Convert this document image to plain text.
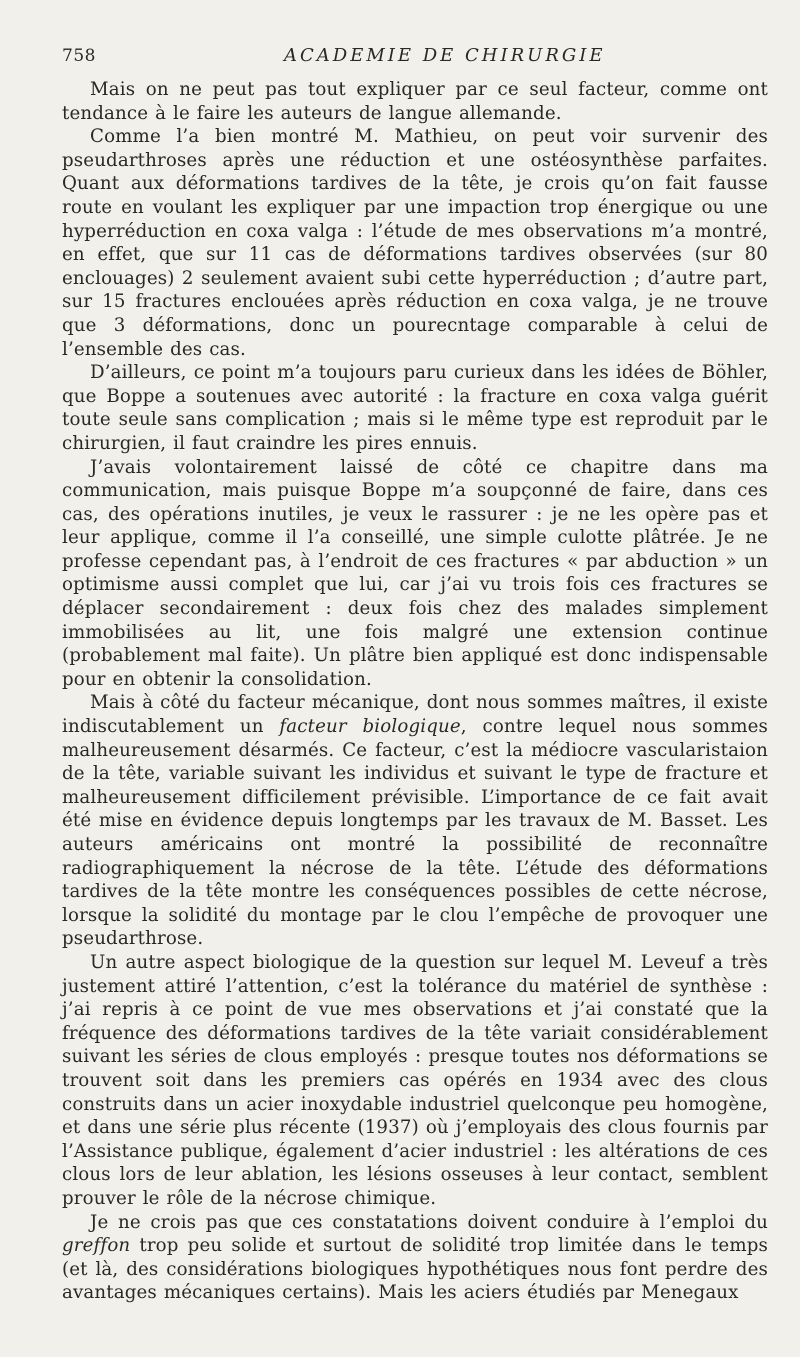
758	ACADEMIE DE CHIRURGIE

Mais on ne peut pas tout expliquer par ce seul facteur, comme ont tendance à le faire les auteurs de langue allemande.

Comme l’a bien montré M. Mathieu, on peut voir survenir des pseudarthroses après une réduction et une ostéosynthèse parfaites. Quant aux déformations tardives de la tête, je crois qu’on fait fausse route en voulant les expliquer par une impaction trop énergique ou une hyperréduction en coxa valga : l’étude de mes observations m’a montré, en effet, que sur 11 cas de déformations tardives observées (sur 80 enclouages) 2 seulement avaient subi cette hyperréduction ; d’autre part, sur 15 fractures enclouées après réduction en coxa valga, je ne trouve que 3 déformations, donc un pourecntage comparable à celui de l’ensemble des cas.

D’ailleurs, ce point m’a toujours paru curieux dans les idées de Böhler, que Boppe a soutenues avec autorité : la fracture en coxa valga guérit toute seule sans complication ; mais si le même type est reproduit par le chirurgien, il faut craindre les pires ennuis.

J’avais volontairement laissé de côté ce chapitre dans ma communication, mais puisque Boppe m’a soupçonné de faire, dans ces cas, des opérations inutiles, je veux le rassurer : je ne les opère pas et leur applique, comme il l’a conseillé, une simple culotte plâtrée. Je ne professe cependant pas, à l’endroit de ces fractures « par abduction » un optimisme aussi complet que lui, car j’ai vu trois fois ces fractures se déplacer secondairement : deux fois chez des malades simplement immobilisées au lit, une fois malgré une extension continue (probablement mal faite). Un plâtre bien appliqué est donc indispensable pour en obtenir la consolidation.

Mais à côté du facteur mécanique, dont nous sommes maîtres, il existe indiscutablement un facteur biologique, contre lequel nous sommes malheureusement désarmés. Ce facteur, c’est la médiocre vascularistaion de la tête, variable suivant les individus et suivant le type de fracture et malheureusement difficilement prévisible. L’importance de ce fait avait été mise en évidence depuis longtemps par les travaux de M. Basset. Les auteurs américains ont montré la possibilité de reconnaître radiographiquement la nécrose de la tête. L’étude des déformations tardives de la tête montre les conséquences possibles de cette nécrose, lorsque la solidité du montage par le clou l’empêche de provoquer une pseudarthrose.

Un autre aspect biologique de la question sur lequel M. Leveuf a très justement attiré l’attention, c’est la tolérance du matériel de synthèse : j’ai repris à ce point de vue mes observations et j’ai constaté que la fréquence des déformations tardives de la tête variait considérablement suivant les séries de clous employés : presque toutes nos déformations se trouvent soit dans les premiers cas opérés en 1934 avec des clous construits dans un acier inoxydable industriel quelconque peu homogène, et dans une série plus récente (1937) où j’employais des clous fournis par l’Assistance publique, également d’acier industriel : les altérations de ces clous lors de leur ablation, les lésions osseuses à leur contact, semblent prouver le rôle de la nécrose chimique.

Je ne crois pas que ces constatations doivent conduire à l’emploi du greffon trop peu solide et surtout de solidité trop limitée dans le temps (et là, des considérations biologiques hypothétiques nous font perdre des avantages mécaniques certains). Mais les aciers étudiés par Menegaux
